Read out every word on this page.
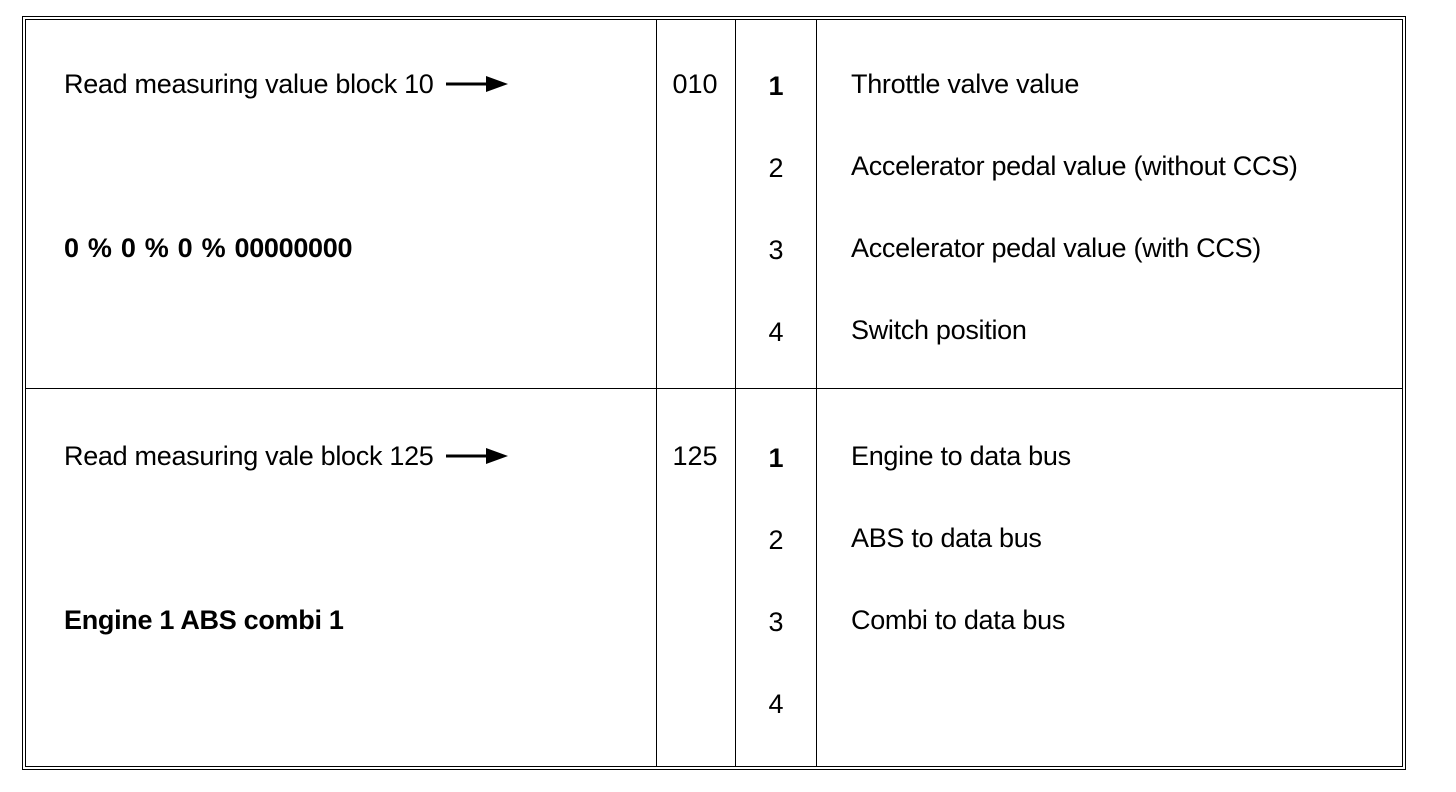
Read measuring value block 10
0 % 0 % 0 % 00000000
010	1
2
3
4
Throttle valve value
Accelerator pedal value (without CCS)
Accelerator pedal value (with CCS)
Switch position
Read measuring vale block 125
Engine 1 ABS combi 1
125	1
2
3
4
Engine to data bus
ABS to data bus
Combi to data bus
